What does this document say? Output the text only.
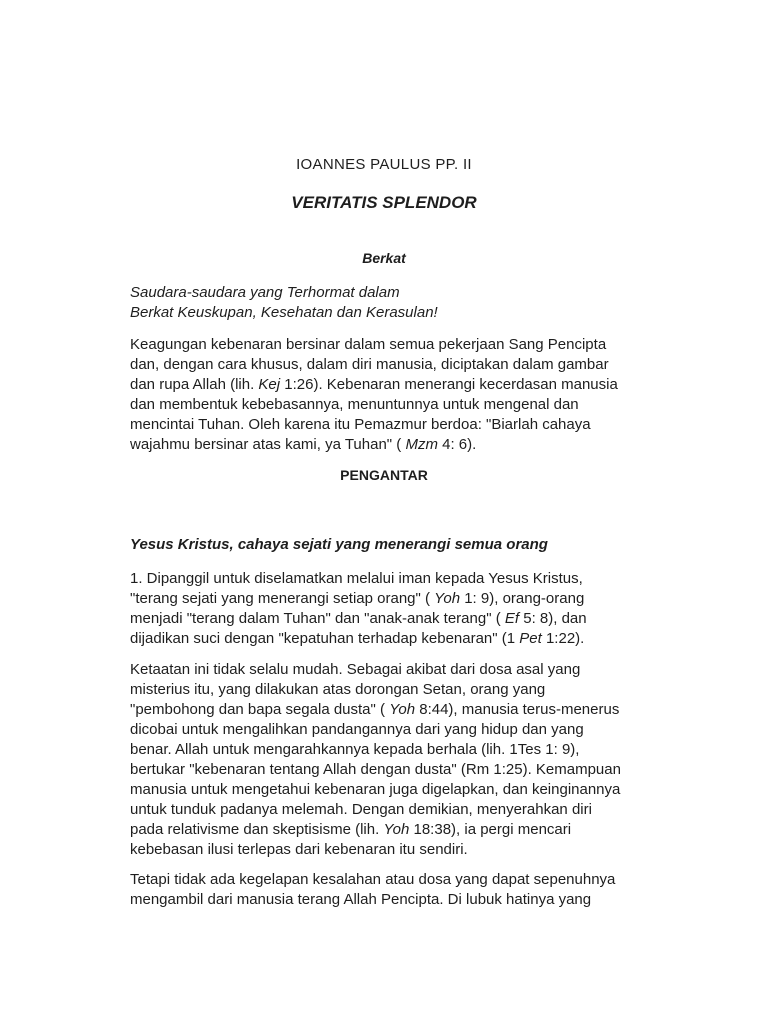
IOANNES PAULUS PP. II
VERITATIS SPLENDOR
Berkat
Saudara-saudara yang Terhormat dalam
Berkat Keuskupan, Kesehatan dan Kerasulan!
Keagungan kebenaran bersinar dalam semua pekerjaan Sang Pencipta
dan, dengan cara khusus, dalam diri manusia, diciptakan dalam gambar
dan rupa Allah (lih. Kej 1:26). Kebenaran menerangi kecerdasan manusia
dan membentuk kebebasannya, menuntunnya untuk mengenal dan
mencintai Tuhan. Oleh karena itu Pemazmur berdoa: "Biarlah cahaya
wajahmu bersinar atas kami, ya Tuhan" ( Mzm 4: 6).
PENGANTAR
Yesus Kristus, cahaya sejati yang menerangi semua orang
1. Dipanggil untuk diselamatkan melalui iman kepada Yesus Kristus,
"terang sejati yang menerangi setiap orang" ( Yoh 1: 9), orang-orang
menjadi "terang dalam Tuhan" dan "anak-anak terang" ( Ef 5: 8), dan
dijadikan suci dengan "kepatuhan terhadap kebenaran" (1 Pet 1:22).
Ketaatan ini tidak selalu mudah. Sebagai akibat dari dosa asal yang
misterius itu, yang dilakukan atas dorongan Setan, orang yang
"pembohong dan bapa segala dusta" ( Yoh 8:44), manusia terus-menerus
dicobai untuk mengalihkan pandangannya dari yang hidup dan yang
benar. Allah untuk mengarahkannya kepada berhala (lih. 1Tes 1: 9),
bertukar "kebenaran tentang Allah dengan dusta" (Rm 1:25). Kemampuan
manusia untuk mengetahui kebenaran juga digelapkan, dan keinginannya
untuk tunduk padanya melemah. Dengan demikian, menyerahkan diri
pada relativisme dan skeptisisme (lih. Yoh 18:38), ia pergi mencari
kebebasan ilusi terlepas dari kebenaran itu sendiri.
Tetapi tidak ada kegelapan kesalahan atau dosa yang dapat sepenuhnya
mengambil dari manusia terang Allah Pencipta. Di lubuk hatinya yang
